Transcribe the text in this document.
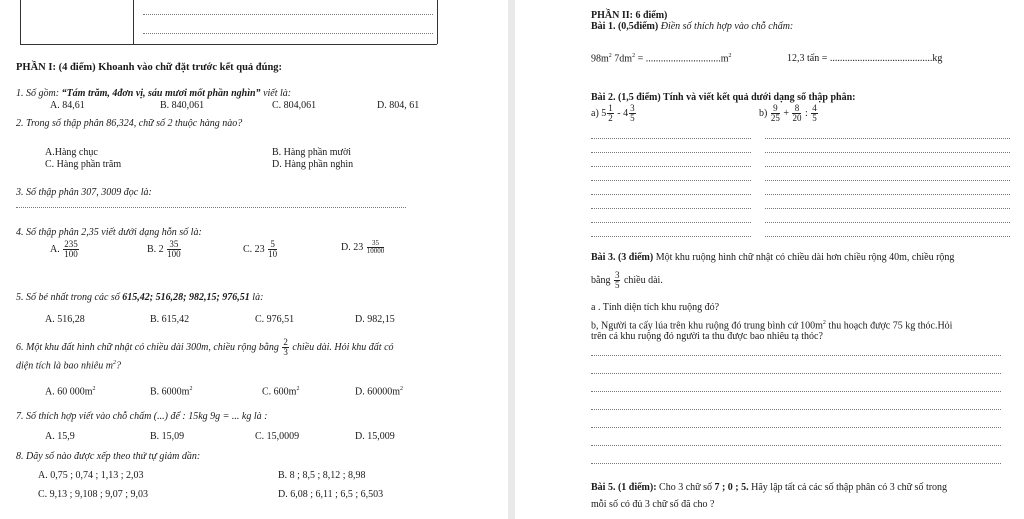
PHẦN I: (4 điểm) Khoanh vào chữ đặt trước kết quả đúng:
1. Số gồm: “Tám trăm, 4đơn vị, sáu mươi mốt phần nghìn” viết là:
A. 84,61	B. 840,061	C. 804,061	D. 804, 61
2. Trong số thập phân 86,324, chữ số 2 thuộc hàng nào?
A.Hàng chục	B. Hàng phần mười
C. Hàng phần trăm	D. Hàng phần nghìn
3. Số thập phân 307, 3009 đọc là:
4. Số thập phân 2,35 viết dưới dạng hỗn số là:
A. $\frac{235}{100}$	B. $2 \frac{35}{100}$	C. $23 \frac{5}{10}$	D. $23 \frac{35}{10000}$
5. Số bé nhất trong các số 615,42; 516,28; 982,15; 976,51 là:
A. 516,28	B. 615,42	C. 976,51	D. 982,15
6. Một khu đất hình chữ nhật có chiều dài 300m, chiều rộng bằng $\frac{2}{3}$ chiều dài. Hỏi khu đất có
diện tích là bao nhiêu $m^2$?
A. 60 $000m^2$	B. $6000m^2$	C. $600m^2$	D. $60000m^2$
7. Số thích hợp viết vào chỗ chấm (...) để : 15kg 9g = ... kg là :
A. 15,9	B. 15,09	C. 15,0009	D. 15,009
8. Dãy số nào được xếp theo thứ tự giảm dần:
A. 0,75 ; 0,74 ; 1,13 ; 2,03	B. 8 ; 8,5 ; 8,12 ; 8,98
C. 9,13 ; 9,108 ; 9,07 ; 9,03	D. 6,08 ; 6,11 ; 6,5 ; 6,503
PHẦN II: 6 điểm)
Bài 1. (0,5điểm) Điền số thích hợp vào chỗ chấm:
$98m^2$ $7dm^2 = ..............................m^2$	12,3 tấn = .........................................kg
Bài 2. (1,5 điểm) Tính và viết kết quả dưới dạng số thập phân:
a) $5 \frac{1}{2} - 4 \frac{3}{5}$	$b) \frac{9}{25} + \frac{8}{20}$ : $\frac{4}{5}$
Bài 3. (3 điểm) Một khu ruộng hình chữ nhật có chiều dài hơn chiều rộng 40m, chiều rộng
bằng $\frac{3}{5}$ chiều dài.
a . Tính diện tích khu ruộng đó?
b, Người ta cấy lúa trên khu ruộng đó trung bình cứ $100m^2$ thu hoạch được 75 kg thóc.Hỏi
trên cả khu ruộng đó người ta thu được bao nhiêu tạ thóc?
Bài 5. (1 điểm): Cho 3 chữ số 7 ; 0 ; 5. Hãy lập tất cả các số thập phân có 3 chữ số trong
mỗi số có đủ 3 chữ số đã cho ?
